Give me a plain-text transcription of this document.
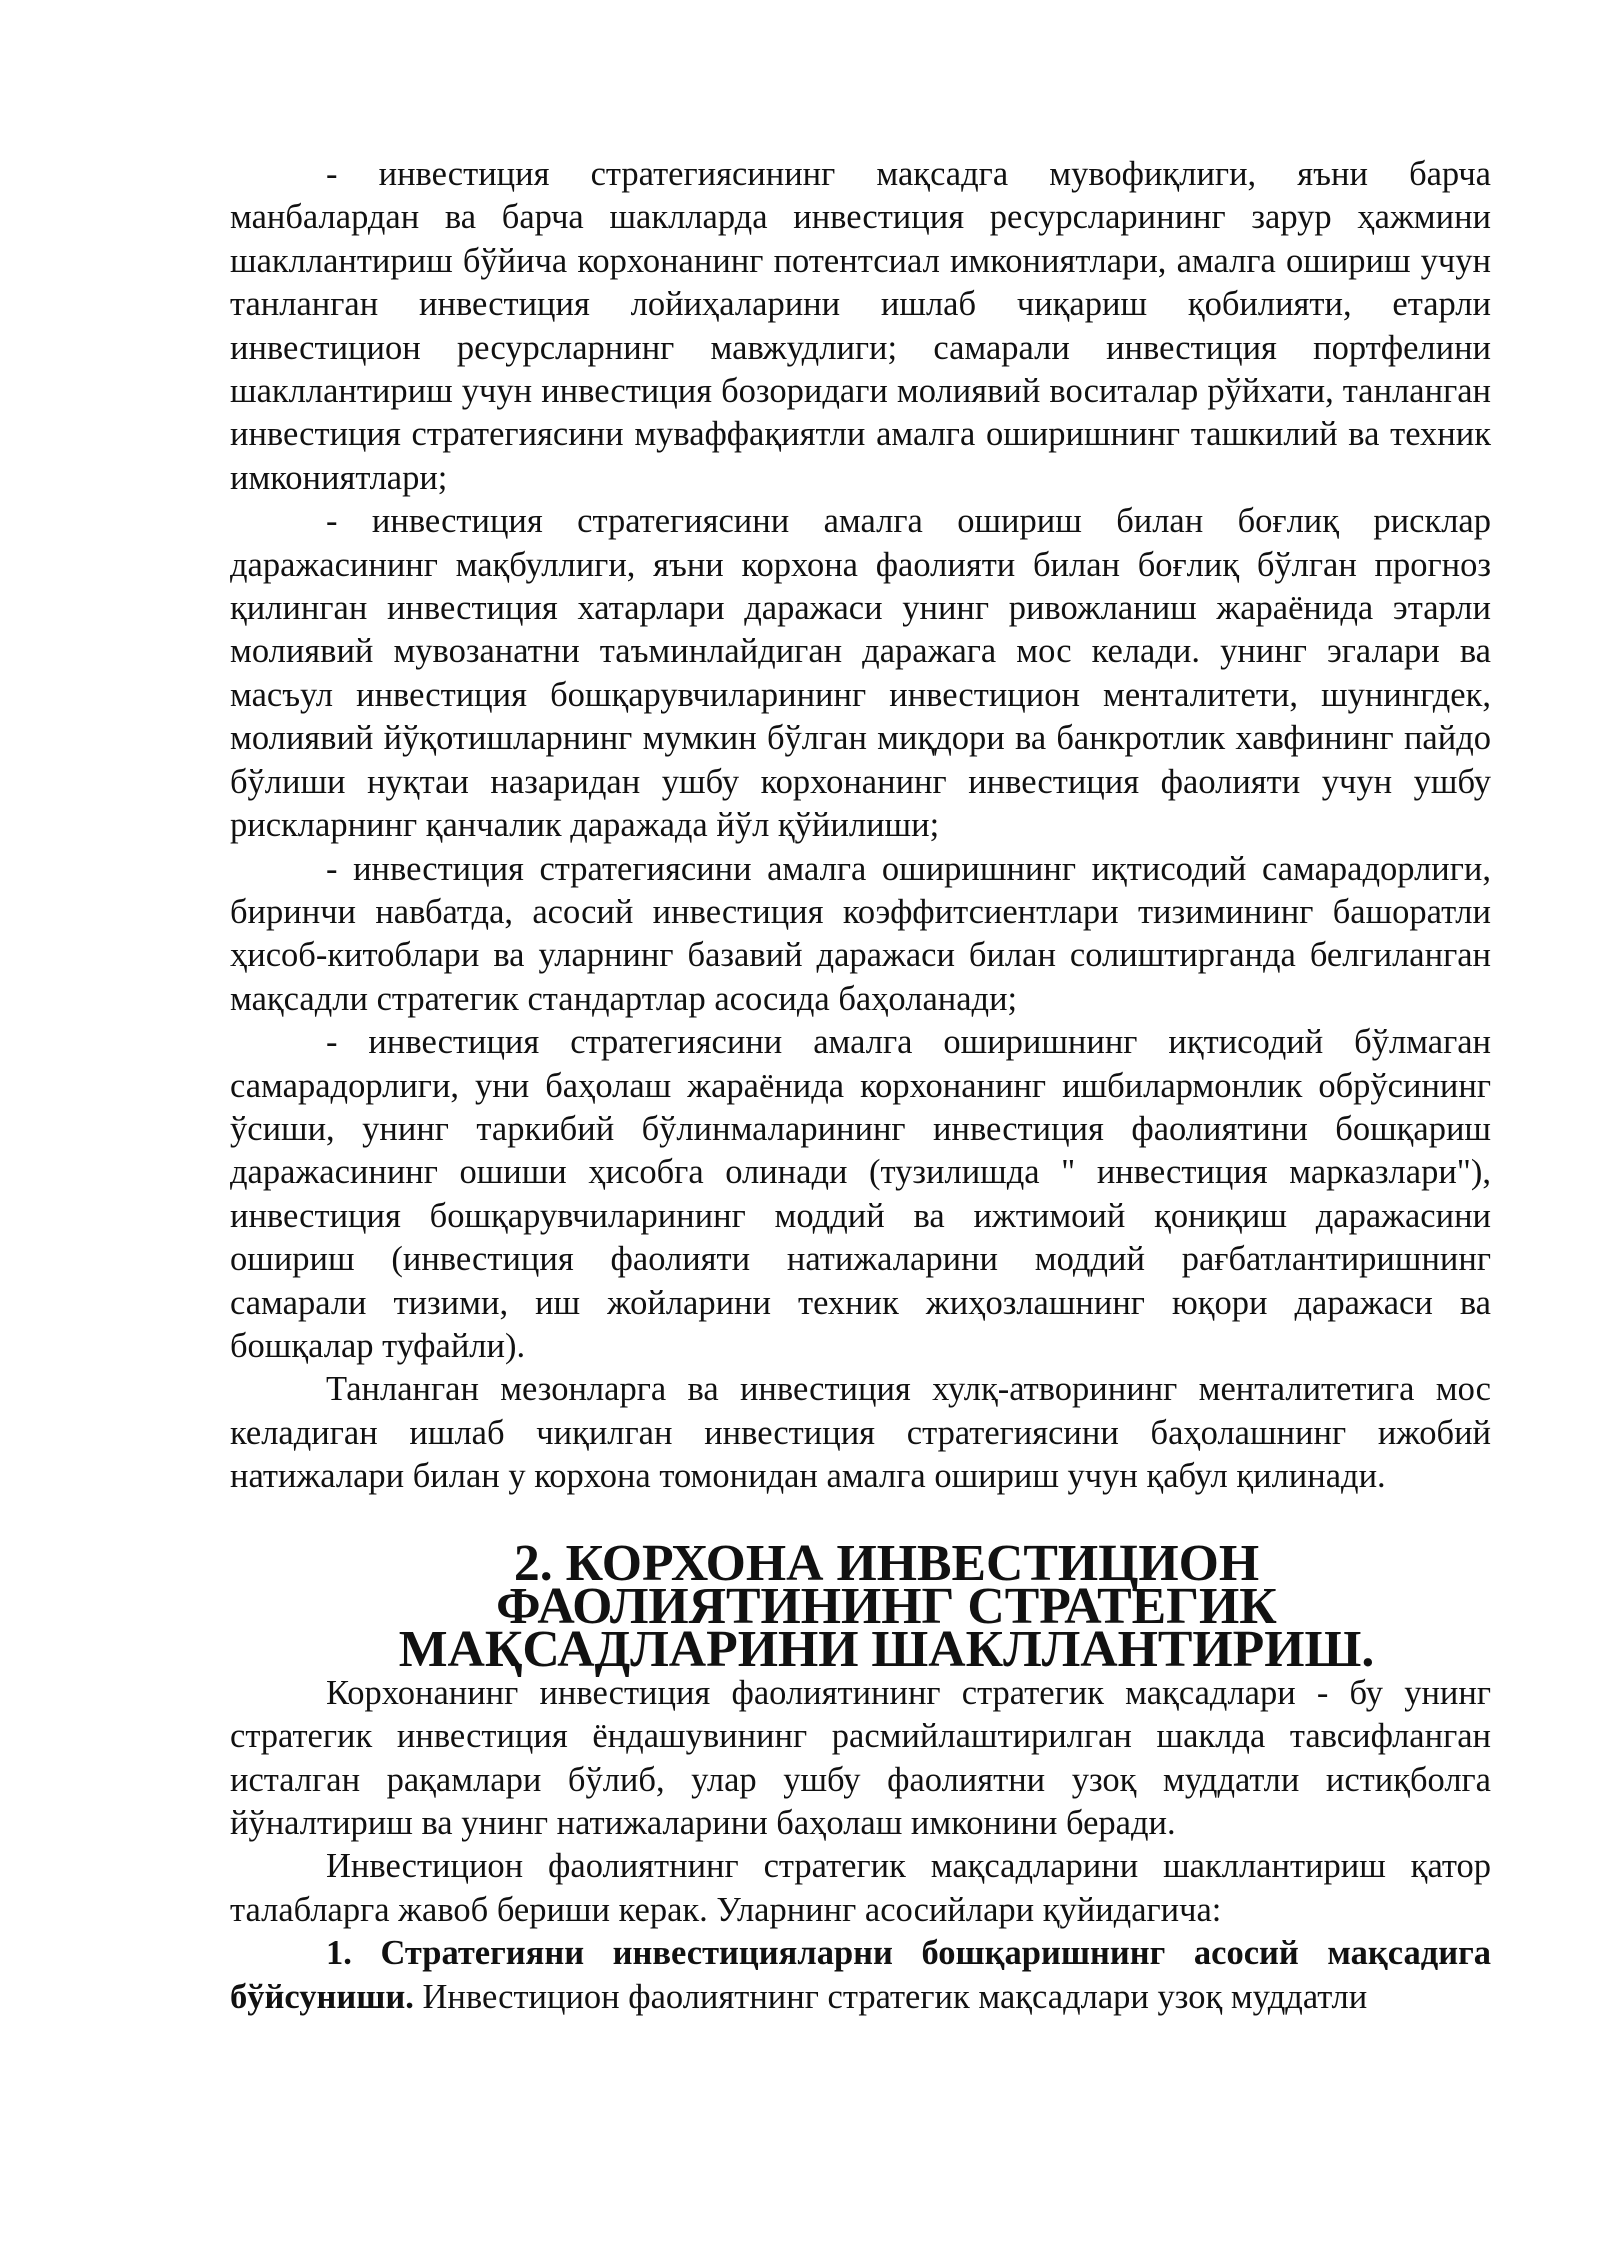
- инвестиция стратегиясининг мақсадга мувофиқлиги, яъни барча манбалардан ва барча шаклларда инвестиция ресурсларининг зарур ҳажмини шакллантириш бўйича корхонанинг потентсиал имкониятлари, амалга ошириш учун танланган инвестиция лойиҳаларини ишлаб чиқариш қобилияти, етарли инвестицион ресурсларнинг мавжудлиги; самарали инвестиция портфелини шакллантириш учун инвестиция бозоридаги молиявий воситалар рўйхати, танланган инвестиция стратегиясини муваффақиятли амалга оширишнинг ташкилий ва техник имкониятлари;

- инвестиция стратегиясини амалга ошириш билан боғлиқ рисклар даражасининг мақбуллиги, яъни корхона фаолияти билан боғлиқ бўлган прогноз қилинган инвестиция хатарлари даражаси унинг ривожланиш жараёнида этарли молиявий мувозанатни таъминлайдиган даражага мос келади. унинг эгалари ва масъул инвестиция бошқарувчиларининг инвестицион менталитети, шунингдек, молиявий йўқотишларнинг мумкин бўлган миқдори ва банкротлик хавфининг пайдо бўлиши нуқтаи назаридан ушбу корхонанинг инвестиция фаолияти учун ушбу рискларнинг қанчалик даражада йўл қўйилиши;

- инвестиция стратегиясини амалга оширишнинг иқтисодий самарадорлиги, биринчи навбатда, асосий инвестиция коэффитсиентлари тизимининг башоратли ҳисоб-китоблари ва уларнинг базавий даражаси билан солиштирганда белгиланган мақсадли стратегик стандартлар асосида баҳоланади;

- инвестиция стратегиясини амалга оширишнинг иқтисодий бўлмаган самарадорлиги, уни баҳолаш жараёнида корхонанинг ишбилармонлик обрўсининг ўсиши, унинг таркибий бўлинмаларининг инвестиция фаолиятини бошқариш даражасининг ошиши ҳисобга олинади (тузилишда " инвестиция марказлари"), инвестиция бошқарувчиларининг моддий ва ижтимоий қониқиш даражасини ошириш (инвестиция фаолияти натижаларини моддий рағбатлантиришнинг самарали тизими, иш жойларини техник жиҳозлашнинг юқори даражаси ва бошқалар туфайли).

Танланган мезонларга ва инвестиция хулқ-атворининг менталитетига мос келадиган ишлаб чиқилган инвестиция стратегиясини баҳолашнинг ижобий натижалари билан у корхона томонидан амалга ошириш учун қабул қилинади.

2. КОРХОНА ИНВЕСТИЦИОН ФАОЛИЯТИНИНГ СТРАТЕГИК
МАҚСАДЛАРИНИ ШАКЛЛАНТИРИШ.

Корхонанинг инвестиция фаолиятининг стратегик мақсадлари - бу унинг стратегик инвестиция ёндашувининг расмийлаштирилган шаклда тавсифланган исталган рақамлари бўлиб, улар ушбу фаолиятни узоқ муддатли истиқболга йўналтириш ва унинг натижаларини баҳолаш имконини беради.

Инвестицион фаолиятнинг стратегик мақсадларини шакллантириш қатор талабларга жавоб бериши керак. Уларнинг асосийлари қуйидагича:

1. Стратегияни инвестицияларни бошқаришнинг асосий мақсадига бўйсуниши. Инвестицион фаолиятнинг стратегик мақсадлари узоқ муддатли
